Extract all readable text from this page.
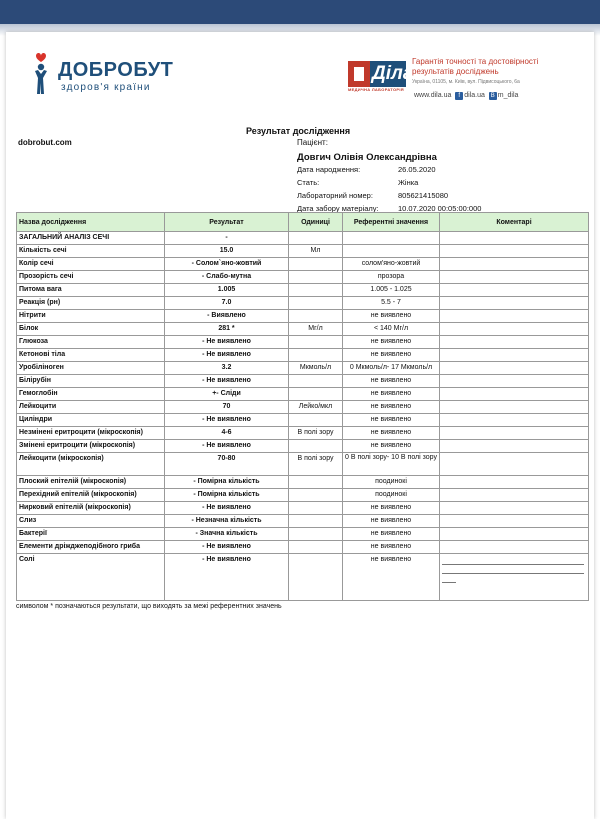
ДОБРОБУТ
здоров'я країни
Діла
МЕДИЧНА ЛАБОРАТОРІЯ
Гарантія точності та достовірності результатів досліджень
Україна, 01105, м. Київ, вул. Підвисоцького, 6а
www.dila.ua f dila.ua B m_dila
Результат дослідження
dobrobut.com	Пацієнт:
Довгич Олівія Олександрівна
Дата народження:	26.05.2020
Стать:	Жінка
Лабораторний номер:	805621415080
Дата забору матеріалу:	10.07.2020 00:05:00:000
Назва дослідження	Результат	Одиниці	Референтні значення	Коментарі
ЗАГАЛЬНИЙ АНАЛІЗ СЕЧІ	-			
Кількість сечі	15.0	Мл		
Колір сечі	- Солом`яно-жовтий		солом'яно-жовтий	
Прозорість сечі	- Слабо-мутна		прозора	
Питома вага	1.005		1.005 - 1.025	
Реакція (рн)	7.0		5.5 - 7	
Нітрити	- Виявлено		не виявлено	
Білок	281 *	Мг/л	< 140 Мг/л	
Глюкоза	- Не виявлено		не виявлено	
Кетонові тіла	- Не виявлено		не виявлено	
Уробіліноген	3.2	Мкмоль/л	0 Мкмоль/л- 17 Мкмоль/л	
Білірубін	- Не виявлено		не виявлено	
Гемоглобін	+- Сліди		не виявлено	
Лейкоцити	70	Лейко/мкл	не виявлено	
Циліндри	- Не виявлено		не виявлено	
Незмінені еритроцити (мікроскопія)	4-6	В полі зору	не виявлено	
Змінені еритроцити (мікроскопія)	- Не виявлено		не виявлено	
Лейкоцити (мікроскопія)	70-80	В полі зору	0 В полі зору- 10 В полі зору	
Плоский епітелій (мікроскопія)	- Помірна кількість		поодинокі	
Перехідний епітелій (мікроскопія)	- Помірна кількість		поодинокі	
Нирковий епітелій (мікроскопія)	- Не виявлено		не виявлено	
Слиз	- Незначна кількість		не виявлено	
Бактерії	- Значна кількість		не виявлено	
Елементи дріжджеподібного гриба	- Не виявлено		не виявлено	
Солі	- Не виявлено		не виявлено	
символом * позначаються результати, що виходять за межі референтних значень
